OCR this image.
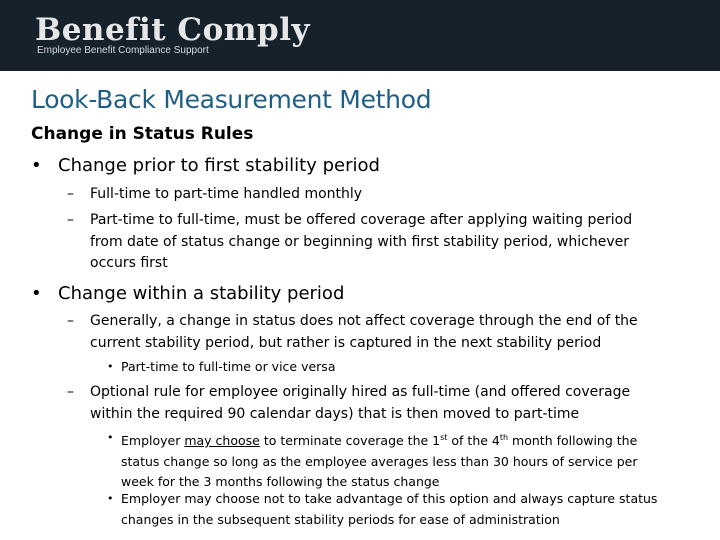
Benefit Comply
Employee Benefit Compliance Support
Look-Back Measurement Method
Change in Status Rules
• Change prior to first stability period
– Full-time to part-time handled monthly
– Part-time to full-time, must be offered coverage after applying waiting period from date of status change or beginning with first stability period, whichever occurs first
• Change within a stability period
– Generally, a change in status does not affect coverage through the end of the current stability period, but rather is captured in the next stability period
• Part-time to full-time or vice versa
– Optional rule for employee originally hired as full-time (and offered coverage within the required 90 calendar days) that is then moved to part-time
• Employer may choose to terminate coverage the 1st of the 4th month following the status change so long as the employee averages less than 30 hours of service per week for the 3 months following the status change
• Employer may choose not to take advantage of this option and always capture status changes in the subsequent stability periods for ease of administration
